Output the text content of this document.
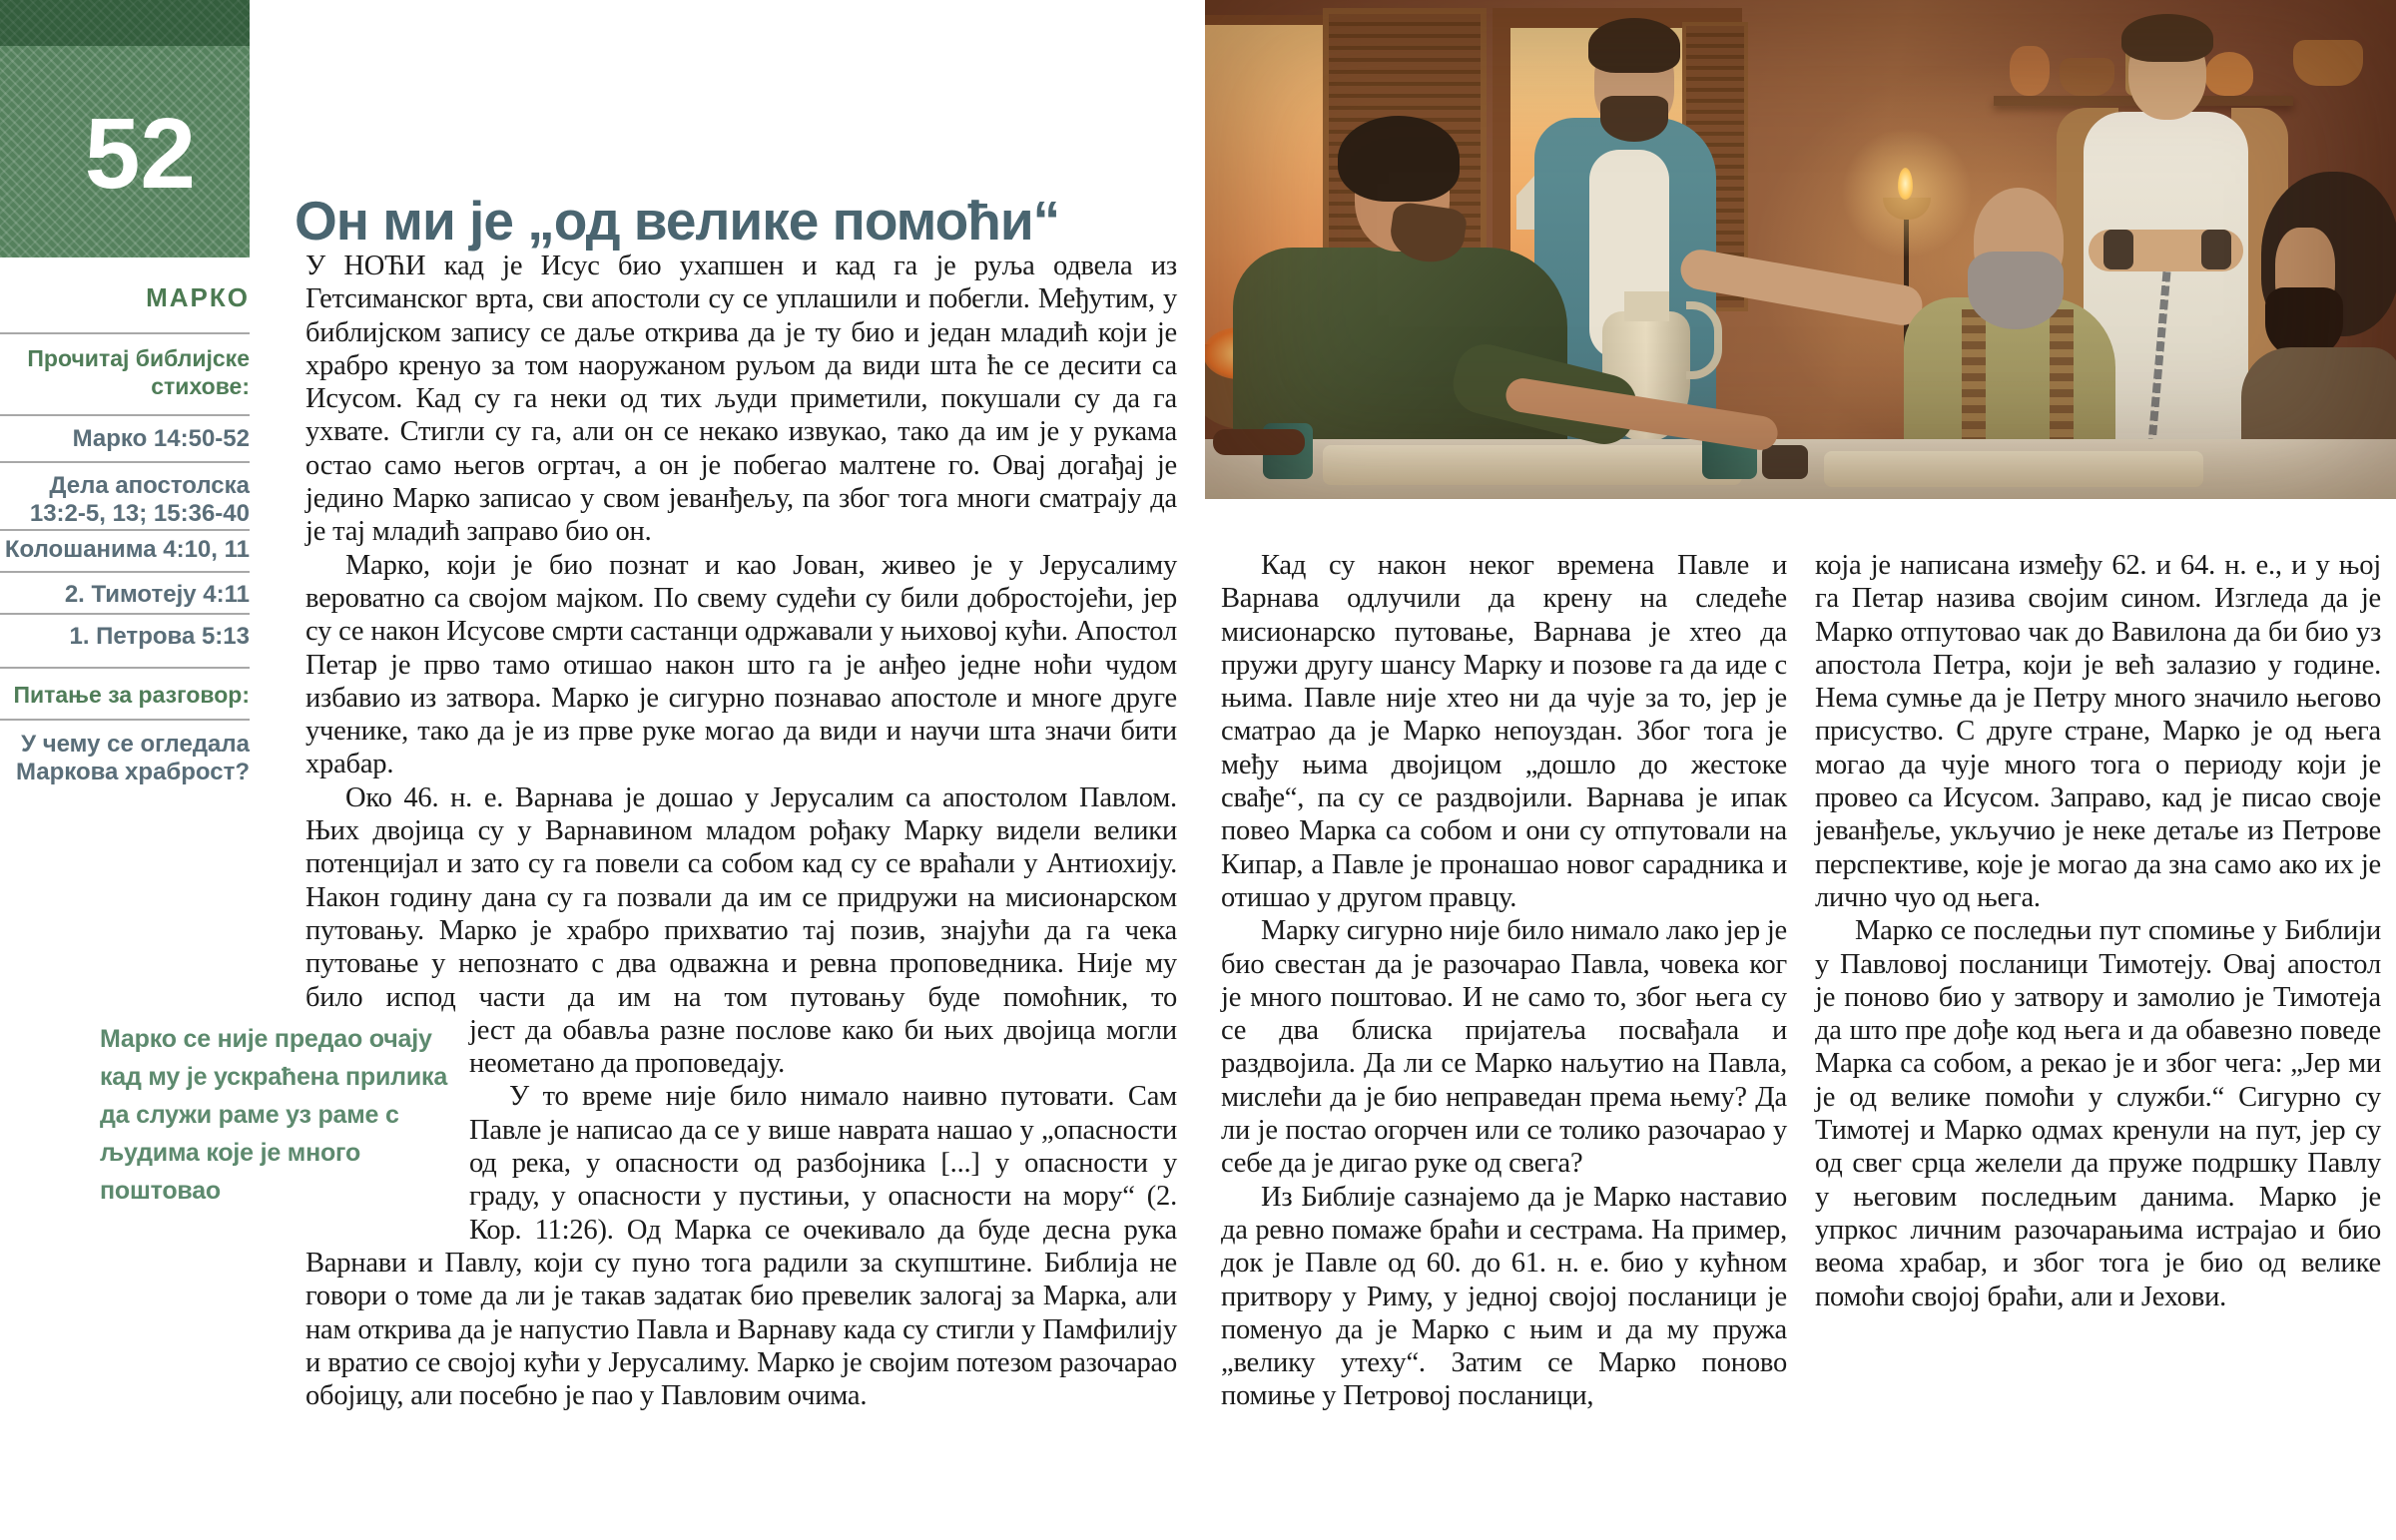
52
МАРКО
Прочитај библијске стихове:
Марко 14:50-52
Дела апостолска 13:2-5, 13; 15:36-40
Колошанима 4:10, 11
2. Тимотеју 4:11
1. Петрова 5:13
Питање за разговор:
У чему се огледала Маркова храброст?
Он ми је „од велике помоћи“

У НОЋИ кад је Исус био ухапшен и кад га је руља одвела из Гетсиманског врта, сви апостоли су се уплашили и побегли. Међутим, у библијском запису се даље открива да је ту био и један младић који је храбро кренуо за том наоружаном руљом да види шта ће се десити са Исусом. Кад су га неки од тих људи приметили, покушали су да га ухвате. Стигли су га, али он се некако извукао, тако да им је у рукама остао само његов огртач, а он је побегао малтене го. Овај догађај је једино Марко записао у свом јеванђељу, па због тога многи сматрају да је тај младић заправо био он.

Марко, који је био познат и као Јован, живео је у Јерусалиму вероватно са својом мајком. По свему судећи су били добростојећи, јер су се након Исусове смрти састанци одржавали у њиховој кући. Апостол Петар је прво тамо отишао након што га је анђео једне ноћи чудом избавио из затвора. Марко је сигурно познавао апостоле и многе друге ученике, тако да је из прве руке могао да види и научи шта значи бити храбар.

Око 46. н. е. Варнава је дошао у Јерусалим са апостолом Павлом. Њих двојица су у Варнавином младом рођаку Марку видели велики потенцијал и зато су га повели са собом кад су се враћали у Антиохију. Након годину дана су га позвали да им се придружи на мисионарском путовању. Марко је храбро прихватио тај позив, знајући да га чека путовање у непознато с два одважна и ревна проповедника. Није му било испод части да им на том путовању буде помоћник, то

Марко се није предао очају кад му је ускраћена прилика да служи раме уз раме с људима које је много поштовао

јест да обавља разне послове како би њих двојица могли неометано да проповедају.

У то време није било нимало наивно путовати. Сам Павле је написао да се у више наврата нашао у „опасности од река, у опасности од разбојника [...] у опасности у граду, у опасности у пустињи, у опасности на мору“ (2. Кор. 11:26). Од Марка се очекивало да буде десна рука Варнави и Павлу, који су пуно тога радили за скупштине. Библија не говори о томе да ли је такав задатак био превелик залогај за Марка, али нам открива да је напустио Павла и Варнаву када су стигли у Памфилију и вратио се својој кући у Јерусалиму. Марко је својим потезом разочарао обојицу, али посебно је пао у Павловим очима.

Кад су након неког времена Павле и Варнава одлучили да крену на следеће мисионарско путовање, Варнава је хтео да пружи другу шансу Марку и позове га да иде с њима. Павле није хтео ни да чује за то, јер је сматрао да је Марко непоуздан. Због тога је међу њима двојицом „дошло до жестоке свађе“, па су се раздвојили. Варнава је ипак повео Марка са собом и они су отпутовали на Кипар, а Павле је пронашао новог сарадника и отишао у другом правцу.

Марку сигурно није било нимало лако јер је био свестан да је разочарао Павла, човека ког је много поштовао. И не само то, због њега су се два блиска пријатеља посвађала и раздвојила. Да ли се Марко наљутио на Павла, мислећи да је био неправедан према њему? Да ли је постао огорчен или се толико разочарао у себе да је дигао руке од свега?

Из Библије сазнајемо да је Марко наставио да ревно помаже браћи и сестрама. На пример, док је Павле од 60. до 61. н. е. био у кућном притвору у Риму, у једној својој посланици је поменуо да је Марко с њим и да му пружа „велику утеху“. Затим се Марко поново помиње у Петровој посланици,

која је написана између 62. и 64. н. е., и у њој га Петар назива својим сином. Изгледа да је Марко отпутовао чак до Вавилона да би био уз апостола Петра, који је већ залазио у године. Нема сумње да је Петру много значило његово присуство. С друге стране, Марко је од њега могао да чује много тога о периоду који је провео са Исусом. Заправо, кад је писао своје јеванђеље, укључио је неке детаље из Петрове перспективе, које је могао да зна само ако их је лично чуо од њега.

Марко се последњи пут спомиње у Библији у Павловој посланици Тимотеју. Овај апостол је поново био у затвору и замолио је Тимотеја да што пре дође код њега и да обавезно поведе Марка са собом, а рекао је и због чега: „Јер ми је од велике помоћи у служби.“ Сигурно су Тимотеј и Марко одмах кренули на пут, јер су од свег срца желели да пруже подршку Павлу у његовим последњим данима. Марко је упркос личним разочарањима истрајао и био веома храбар, и због тога је био од велике помоћи својој браћи, али и Јехови.
